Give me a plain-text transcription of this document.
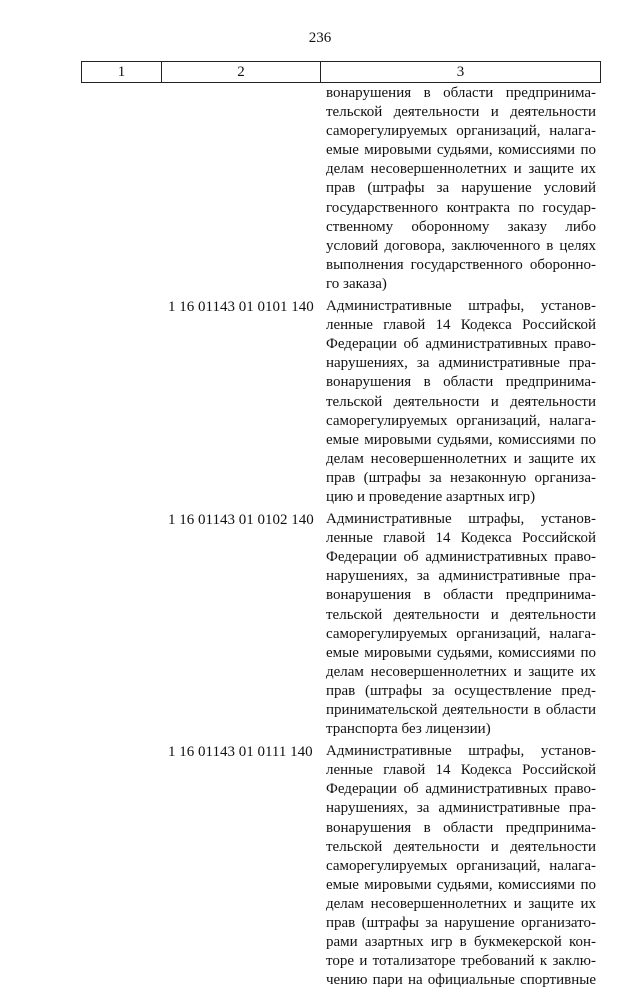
236
1	2	3
вонарушения в области предпринима-
тельской деятельности и деятельности
саморегулируемых организаций, налага-
емые мировыми судьями, комиссиями по
делам несовершеннолетних и защите их
прав (штрафы за нарушение условий
государственного контракта по государ-
ственному оборонному заказу либо
условий договора, заключенного в целях
выполнения государственного оборонно-
го заказа)
1 16 01143 01 0101 140 Административные штрафы, установ-
ленные главой 14 Кодекса Российской
Федерации об административных право-
нарушениях, за административные пра-
вонарушения в области предпринима-
тельской деятельности и деятельности
саморегулируемых организаций, налага-
емые мировыми судьями, комиссиями по
делам несовершеннолетних и защите их
прав (штрафы за незаконную организа-
цию и проведение азартных игр)
1 16 01143 01 0102 140 Административные штрафы, установ-
ленные главой 14 Кодекса Российской
Федерации об административных право-
нарушениях, за административные пра-
вонарушения в области предпринима-
тельской деятельности и деятельности
саморегулируемых организаций, налага-
емые мировыми судьями, комиссиями по
делам несовершеннолетних и защите их
прав (штрафы за осуществление пред-
принимательской деятельности в области
транспорта без лицензии)
1 16 01143 01 0111 140 Административные штрафы, установ-
ленные главой 14 Кодекса Российской
Федерации об административных право-
нарушениях, за административные пра-
вонарушения в области предпринима-
тельской деятельности и деятельности
саморегулируемых организаций, налага-
емые мировыми судьями, комиссиями по
делам несовершеннолетних и защите их
прав (штрафы за нарушение организато-
рами азартных игр в букмекерской кон-
торе и тотализаторе требований к заклю-
чению пари на официальные спортивные
